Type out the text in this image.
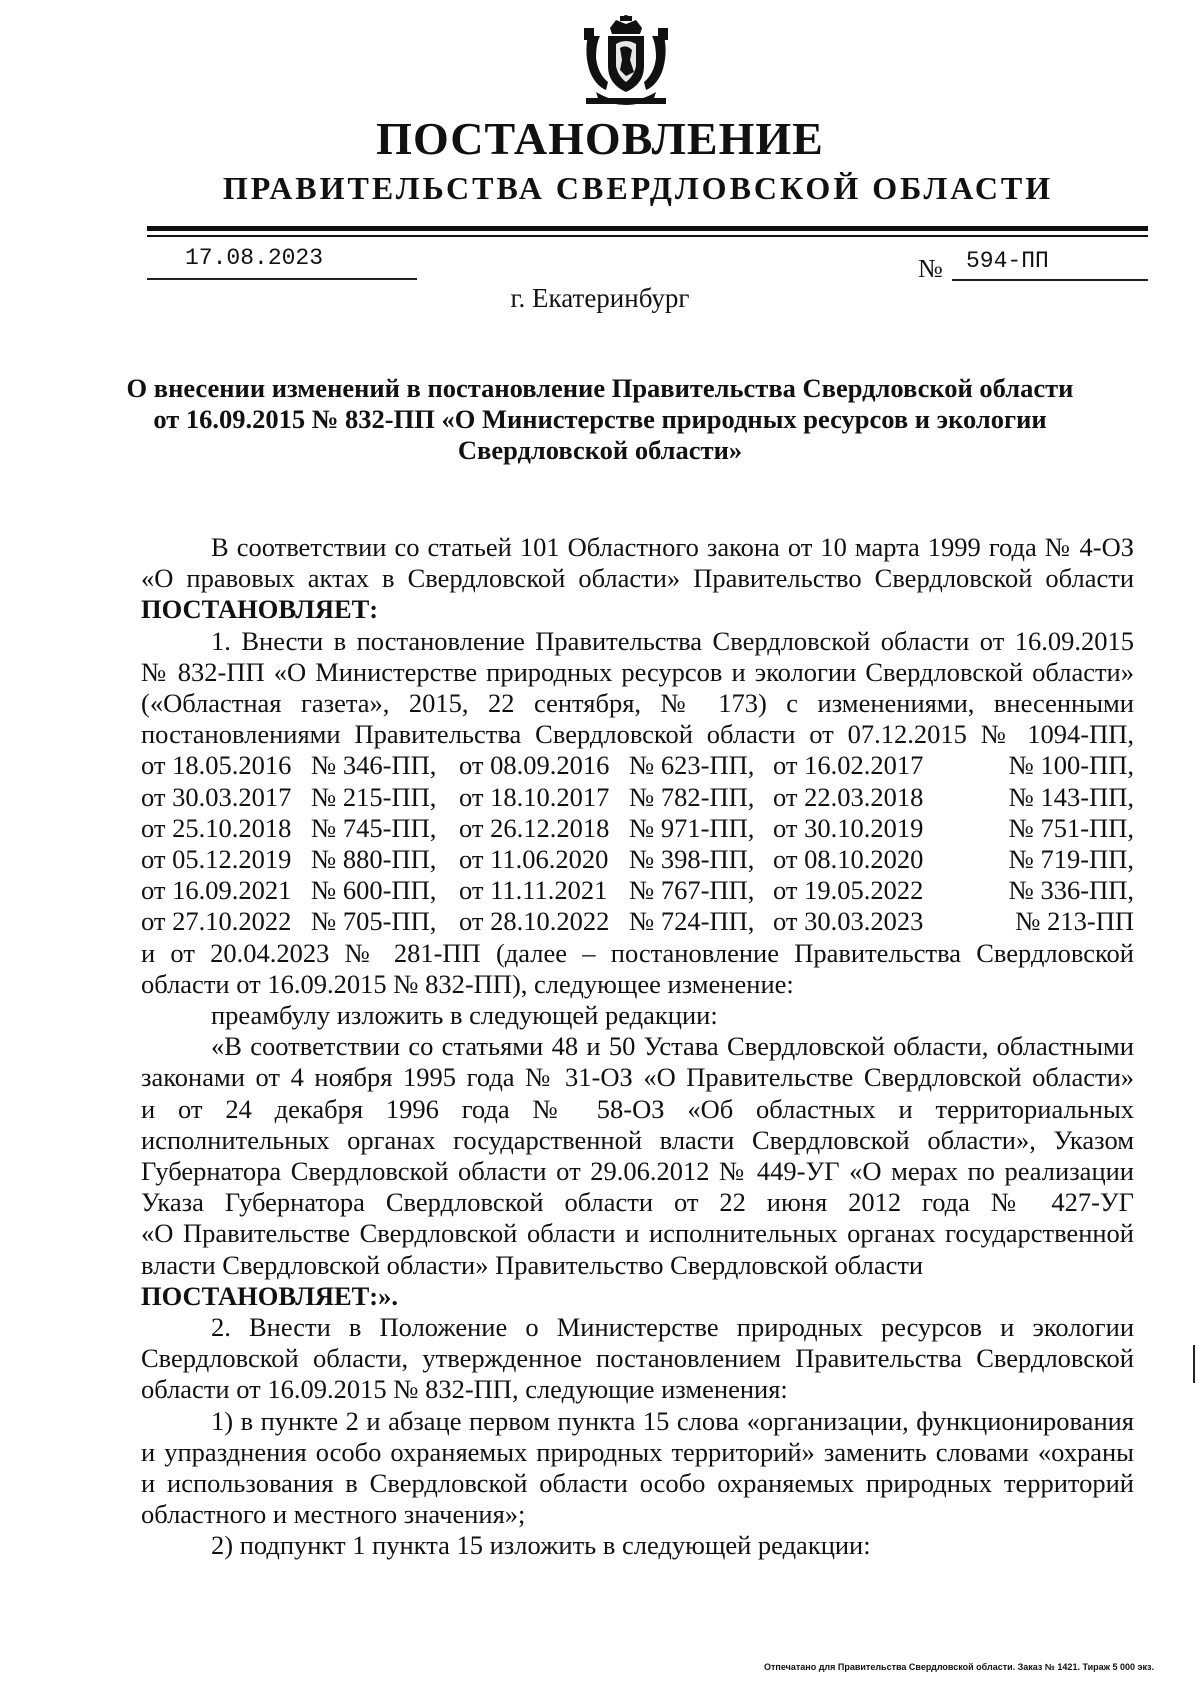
ПОСТАНОВЛЕНИЕ
ПРАВИТЕЛЬСТВА СВЕРДЛОВСКОЙ ОБЛАСТИ
17.08.2023	№ 594-ПП
г. Екатеринбург
О внесении изменений в постановление Правительства Свердловской области
от 16.09.2015 № 832-ПП «О Министерстве природных ресурсов и экологии
Свердловской области»
В соответствии со статьей 101 Областного закона от 10 марта 1999 года № 4-ОЗ
«О правовых актах в Свердловской области» Правительство Свердловской области
ПОСТАНОВЛЯЕТ:
1. Внести в постановление Правительства Свердловской области от 16.09.2015
№ 832-ПП «О Министерстве природных ресурсов и экологии Свердловской области»
(«Областная газета», 2015, 22 сентября, № 173) с изменениями, внесенными
постановлениями Правительства Свердловской области от 07.12.2015 № 1094-ПП,
от 18.05.2016 № 346-ПП, от 08.09.2016 № 623-ПП, от 16.02.2017	№ 100-ПП,
от 30.03.2017 № 215-ПП, от 18.10.2017 № 782-ПП, от 22.03.2018	№ 143-ПП,
от 25.10.2018 № 745-ПП, от 26.12.2018 № 971-ПП, от 30.10.2019	№ 751-ПП,
от 05.12.2019 № 880-ПП, от 11.06.2020 № 398-ПП, от 08.10.2020	№ 719-ПП,
от 16.09.2021 № 600-ПП, от 11.11.2021 № 767-ПП, от 19.05.2022	№ 336-ПП,
от 27.10.2022 № 705-ПП, от 28.10.2022 № 724-ПП, от 30.03.2023	№ 213-ПП
и от 20.04.2023 № 281-ПП (далее – постановление Правительства Свердловской
области от 16.09.2015 № 832-ПП), следующее изменение:
преамбулу изложить в следующей редакции:
«В соответствии со статьями 48 и 50 Устава Свердловской области, областными
законами от 4 ноября 1995 года № 31-ОЗ «О Правительстве Свердловской области»
и от 24 декабря 1996 года № 58-ОЗ «Об областных и территориальных
исполнительных органах государственной власти Свердловской области», Указом
Губернатора Свердловской области от 29.06.2012 № 449-УГ «О мерах по реализации
Указа Губернатора Свердловской области от 22 июня 2012 года № 427-УГ
«О Правительстве Свердловской области и исполнительных органах государственной
власти Свердловской области» Правительство Свердловской области
ПОСТАНОВЛЯЕТ:».
2. Внести в Положение о Министерстве природных ресурсов и экологии
Свердловской области, утвержденное постановлением Правительства Свердловской
области от 16.09.2015 № 832-ПП, следующие изменения:
1) в пункте 2 и абзаце первом пункта 15 слова «организации, функционирования
и упразднения особо охраняемых природных территорий» заменить словами «охраны
и использования в Свердловской области особо охраняемых природных территорий
областного и местного значения»;
2) подпункт 1 пункта 15 изложить в следующей редакции:
Отпечатано для Правительства Свердловской области. Заказ № 1421. Тираж 5 000 экз.
